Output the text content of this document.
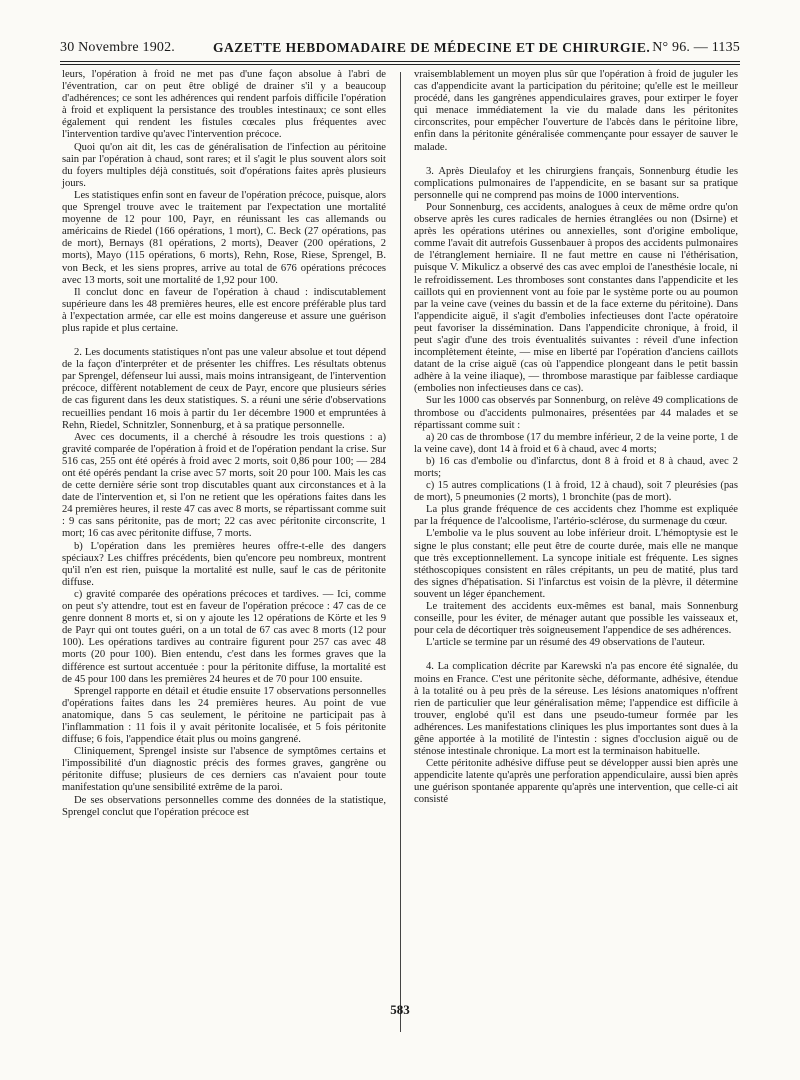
30 Novembre 1902.	GAZETTE HEBDOMADAIRE DE MÉDECINE ET DE CHIRURGIE. N° 96. — 1135

leurs, l'opération à froid ne met pas d'une façon absolue à l'abri de l'éventration, car on peut être obligé de drainer s'il y a beaucoup d'adhérences; ce sont les adhérences qui rendent parfois difficile l'opération à froid et expliquent la persistance des troubles intestinaux; ce sont elles également qui rendent les fistules cœcales plus fréquentes avec l'intervention tardive qu'avec l'intervention précoce.

Quoi qu'on ait dit, les cas de généralisation de l'infection au péritoine sain par l'opération à chaud, sont rares; et il s'agit le plus souvent alors soit du foyers multiples déjà constitués, soit d'opérations faites après plusieurs jours.

Les statistiques enfin sont en faveur de l'opération précoce, puisque, alors que Sprengel trouve avec le traitement par l'expectation une mortalité moyenne de 12 pour 100, Payr, en réunissant les cas allemands ou américains de Riedel (166 opérations, 1 mort), C. Beck (27 opérations, pas de mort), Bernays (81 opérations, 2 morts), Deaver (200 opérations, 2 morts), Mayo (115 opérations, 6 morts), Rehn, Rose, Riese, Sprengel, B. von Beck, et les siens propres, arrive au total de 676 opérations précoces avec 13 morts, soit une mortalité de 1,92 pour 100.

Il conclut donc en faveur de l'opération à chaud : indiscutablement supérieure dans les 48 premières heures, elle est encore préférable plus tard à l'expectation armée, car elle est moins dangereuse et assure une guérison plus rapide et plus certaine.

2. Les documents statistiques n'ont pas une valeur absolue et tout dépend de la façon d'interpréter et de présenter les chiffres. Les résultats obtenus par Sprengel, défenseur lui aussi, mais moins intransigeant, de l'intervention précoce, diffèrent notablement de ceux de Payr, encore que plusieurs séries de cas figurent dans les deux statistiques. S. a réuni une série d'observations recueillies pendant 16 mois à partir du 1er décembre 1900 et empruntées à Rehn, Riedel, Schnitzler, Sonnenburg, et à sa pratique personnelle.

Avec ces documents, il a cherché à résoudre les trois questions : a) gravité comparée de l'opération à froid et de l'opération pendant la crise. Sur 516 cas, 255 ont été opérés à froid avec 2 morts, soit 0,86 pour 100; — 284 ont été opérés pendant la crise avec 57 morts, soit 20 pour 100. Mais les cas de cette dernière série sont trop discutables quant aux circonstances et à la date de l'intervention et, si l'on ne retient que les opérations faites dans les 24 premières heures, il reste 47 cas avec 8 morts, se répartissant comme suit : 9 cas sans péritonite, pas de mort; 22 cas avec péritonite circonscrite, 1 mort; 16 cas avec péritonite diffuse, 7 morts.

b) L'opération dans les premières heures offre-t-elle des dangers spéciaux? Les chiffres précédents, bien qu'encore peu nombreux, montrent qu'il n'en est rien, puisque la mortalité est nulle, sauf le cas de péritonite diffuse.

c) gravité comparée des opérations précoces et tardives. — Ici, comme on peut s'y attendre, tout est en faveur de l'opération précoce : 47 cas de ce genre donnent 8 morts et, si on y ajoute les 12 opérations de Körte et les 9 de Payr qui ont toutes guéri, on a un total de 67 cas avec 8 morts (12 pour 100). Les opérations tardives au contraire figurent pour 257 cas avec 48 morts (20 pour 100). Bien entendu, c'est dans les formes graves que la différence est surtout accentuée : pour la péritonite diffuse, la mortalité est de 45 pour 100 dans les premières 24 heures et de 70 pour 100 ensuite.

Sprengel rapporte en détail et étudie ensuite 17 observations personnelles d'opérations faites dans les 24 premières heures. Au point de vue anatomique, dans 5 cas seulement, le péritoine ne participait pas à l'inflammation : 11 fois il y avait péritonite localisée, et 5 fois péritonite diffuse; 6 fois, l'appendice était plus ou moins gangrené.

Cliniquement, Sprengel insiste sur l'absence de symptômes certains et l'impossibilité d'un diagnostic précis des formes graves, gangrène ou péritonite diffuse; plusieurs de ces derniers cas n'avaient pour toute manifestation qu'une sensibilité extrême de la paroi.

De ses observations personnelles comme des données de la statistique, Sprengel conclut que l'opération précoce est

vraisemblablement un moyen plus sûr que l'opération à froid de juguler les cas d'appendicite avant la participation du péritoine; qu'elle est le meilleur procédé, dans les gangrènes appendiculaires graves, pour extirper le foyer qui menace immédiatement la vie du malade dans les péritonites circonscrites, pour empêcher l'ouverture de l'abcès dans le péritoine libre, enfin dans la péritonite généralisée commençante pour essayer de sauver le malade.

3. Après Dieulafoy et les chirurgiens français, Sonnenburg étudie les complications pulmonaires de l'appendicite, en se basant sur sa pratique personnelle qui ne comprend pas moins de 1000 interventions.

Pour Sonnenburg, ces accidents, analogues à ceux de même ordre qu'on observe après les cures radicales de hernies étranglées ou non (Dsirne) et après les opérations utérines ou annexielles, sont d'origine embolique, comme l'avait dit autrefois Gussenbauer à propos des accidents pulmonaires de l'étranglement herniaire. Il ne faut mettre en cause ni l'éthérisation, puisque V. Mikulicz a observé des cas avec emploi de l'anesthésie locale, ni le refroidissement. Les thromboses sont constantes dans l'appendicite et les caillots qui en proviennent vont au foie par le système porte ou au poumon par la veine cave (veines du bassin et de la face externe du péritoine). Dans l'appendicite aiguë, il s'agit d'embolies infectieuses dont l'acte opératoire peut favoriser la dissémination. Dans l'appendicite chronique, à froid, il peut s'agir d'une des trois éventualités suivantes : réveil d'une infection incomplètement éteinte, — mise en liberté par l'opération d'anciens caillots datant de la crise aiguë (cas où l'appendice plongeant dans le petit bassin adhère à la veine iliaque), — thrombose marastique par faiblesse cardiaque (embolies non infectieuses dans ce cas).

Sur les 1000 cas observés par Sonnenburg, on relève 49 complications de thrombose ou d'accidents pulmonaires, présentées par 44 malades et se répartissant comme suit :

a) 20 cas de thrombose (17 du membre inférieur, 2 de la veine porte, 1 de la veine cave), dont 14 à froid et 6 à chaud, avec 4 morts;

b) 16 cas d'embolie ou d'infarctus, dont 8 à froid et 8 à chaud, avec 2 morts;

c) 15 autres complications (1 à froid, 12 à chaud), soit 7 pleurésies (pas de mort), 5 pneumonies (2 morts), 1 bronchite (pas de mort).

La plus grande fréquence de ces accidents chez l'homme est expliquée par la fréquence de l'alcoolisme, l'artério-sclérose, du surmenage du cœur.

L'embolie va le plus souvent au lobe inférieur droit. L'hémoptysie est le signe le plus constant; elle peut être de courte durée, mais elle ne manque que très exceptionnellement. La syncope initiale est fréquente. Les signes stéthoscopiques consistent en râles crépitants, un peu de matité, plus tard des signes d'hépatisation. Si l'infarctus est voisin de la plèvre, il détermine souvent un léger épanchement.

Le traitement des accidents eux-mêmes est banal, mais Sonnenburg conseille, pour les éviter, de ménager autant que possible les vaisseaux et, pour cela de décortiquer très soigneusement l'appendice de ses adhérences.

L'article se termine par un résumé des 49 observations de l'auteur.

4. La complication décrite par Karewski n'a pas encore été signalée, du moins en France. C'est une péritonite sèche, déformante, adhésive, étendue à la totalité ou à peu près de la séreuse. Les lésions anatomiques n'offrent rien de particulier que leur généralisation même; l'appendice est difficile à trouver, englobé qu'il est dans une pseudo-tumeur formée par les adhérences. Les manifestations cliniques les plus importantes sont dues à la gêne apportée à la motilité de l'intestin : signes d'occlusion aiguë ou de sténose intestinale chronique. La mort est la terminaison habituelle.

Cette péritonite adhésive diffuse peut se développer aussi bien après une appendicite latente qu'après une perforation appendiculaire, aussi bien après une guérison spontanée apparente qu'après une intervention, que celle-ci ait consisté

583
